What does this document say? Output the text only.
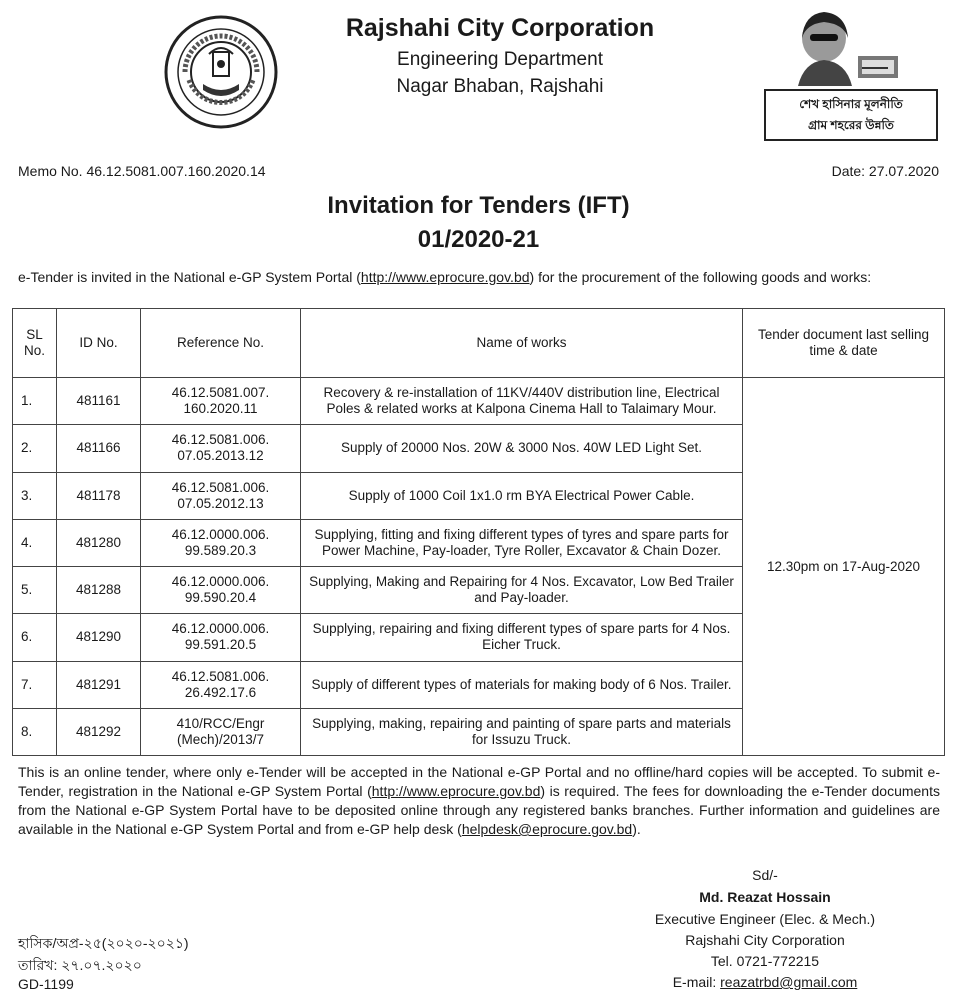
Rajshahi City Corporation
Engineering Department
Nagar Bhaban, Rajshahi
শেখ হাসিনার মূলনীতি
গ্রাম শহরের উন্নতি
Memo No. 46.12.5081.007.160.2020.14	Date: 27.07.2020
Invitation for Tenders (IFT)
01/2020-21
e-Tender is invited in the National e-GP System Portal (http://www.eprocure.gov.bd) for the procurement of the following goods and works:
SL No.	ID No.	Reference No.	Name of works	Tender document last selling time & date
1.	481161	46.12.5081.007. 160.2020.11	Recovery & re-installation of 11KV/440V distribution line, Electrical Poles & related works at Kalpona Cinema Hall to Talaimary Mour.	12.30pm on 17-Aug-2020
2.	481166	46.12.5081.006. 07.05.2013.12	Supply of 20000 Nos. 20W & 3000 Nos. 40W LED Light Set.	
3.	481178	46.12.5081.006. 07.05.2012.13	Supply of 1000 Coil 1x1.0 rm BYA Electrical Power Cable.	
4.	481280	46.12.0000.006. 99.589.20.3	Supplying, fitting and fixing different types of tyres and spare parts for Power Machine, Pay-loader, Tyre Roller, Excavator & Chain Dozer.	
5.	481288	46.12.0000.006. 99.590.20.4	Supplying, Making and Repairing for 4 Nos. Excavator, Low Bed Trailer and Pay-loader.	
6.	481290	46.12.0000.006. 99.591.20.5	Supplying, repairing and fixing different types of spare parts for 4 Nos. Eicher Truck.	
7.	481291	46.12.5081.006. 26.492.17.6	Supply of different types of materials for making body of 6 Nos. Trailer.	
8.	481292	410/RCC/Engr (Mech)/2013/7	Supplying, making, repairing and painting of spare parts and materials for Issuzu Truck.	
This is an online tender, where only e-Tender will be accepted in the National e-GP Portal and no offline/hard copies will be accepted. To submit e-Tender, registration in the National e-GP System Portal (http://www.eprocure.gov.bd) is required. The fees for downloading the e-Tender documents from the National e-GP System Portal have to be deposited online through any registered banks branches. Further information and guidelines are available in the National e-GP System Portal and from e-GP help desk (helpdesk@eprocure.gov.bd).
Sd/-
Md. Reazat Hossain
Executive Engineer (Elec. & Mech.)
Rajshahi City Corporation
Tel. 0721-772215
E-mail: reazatrbd@gmail.com
হাসিক/অপ্র-২৫(২০২০-২০২১)
তারিখ: ২৭.০৭.২০২০
GD-1199
